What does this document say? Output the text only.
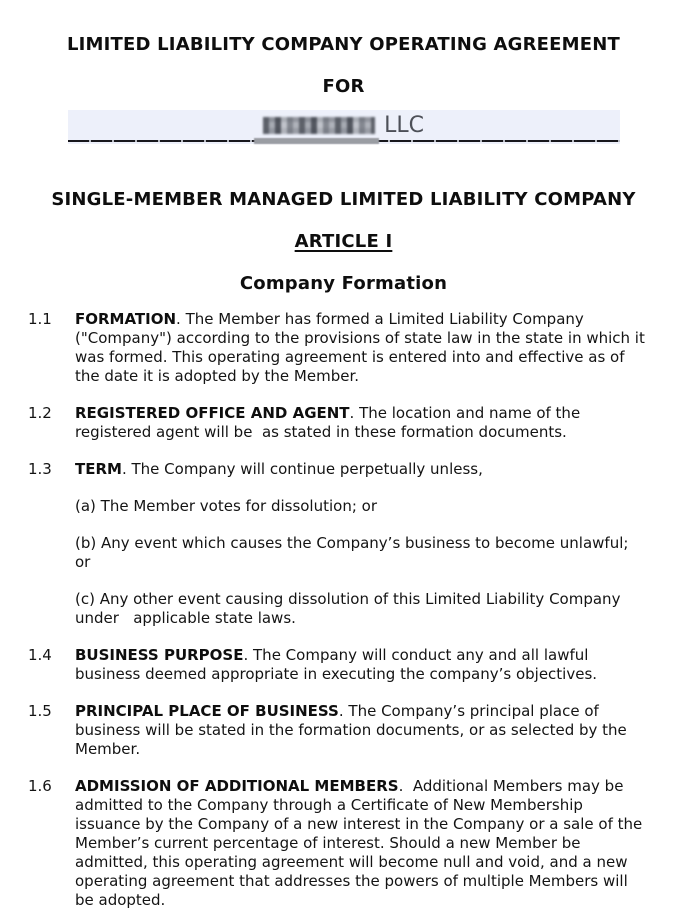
LIMITED LIABILITY COMPANY OPERATING AGREEMENT
FOR
LLC
SINGLE-MEMBER MANAGED LIMITED LIABILITY COMPANY
ARTICLE I
Company Formation
1.1	FORMATION. The Member has formed a Limited Liability Company ("Company") according to the provisions of state law in the state in which it was formed. This operating agreement is entered into and effective as of the date it is adopted by the Member.

1.2	REGISTERED OFFICE AND AGENT. The location and name of the registered agent will be  as stated in these formation documents.

1.3	TERM. The Company will continue perpetually unless,

(a) The Member votes for dissolution; or

(b) Any event which causes the Company’s business to become unlawful; or

(c) Any other event causing dissolution of this Limited Liability Company under   applicable state laws.

1.4	BUSINESS PURPOSE. The Company will conduct any and all lawful business deemed appropriate in executing the company’s objectives.

1.5	PRINCIPAL PLACE OF BUSINESS. The Company’s principal place of business will be stated in the formation documents, or as selected by the Member.

1.6	ADMISSION OF ADDITIONAL MEMBERS.  Additional Members may be admitted to the Company through a Certificate of New Membership issuance by the Company of a new interest in the Company or a sale of the Member’s current percentage of interest. Should a new Member be admitted, this operating agreement will become null and void, and a new operating agreement that addresses the powers of multiple Members will be adopted.
